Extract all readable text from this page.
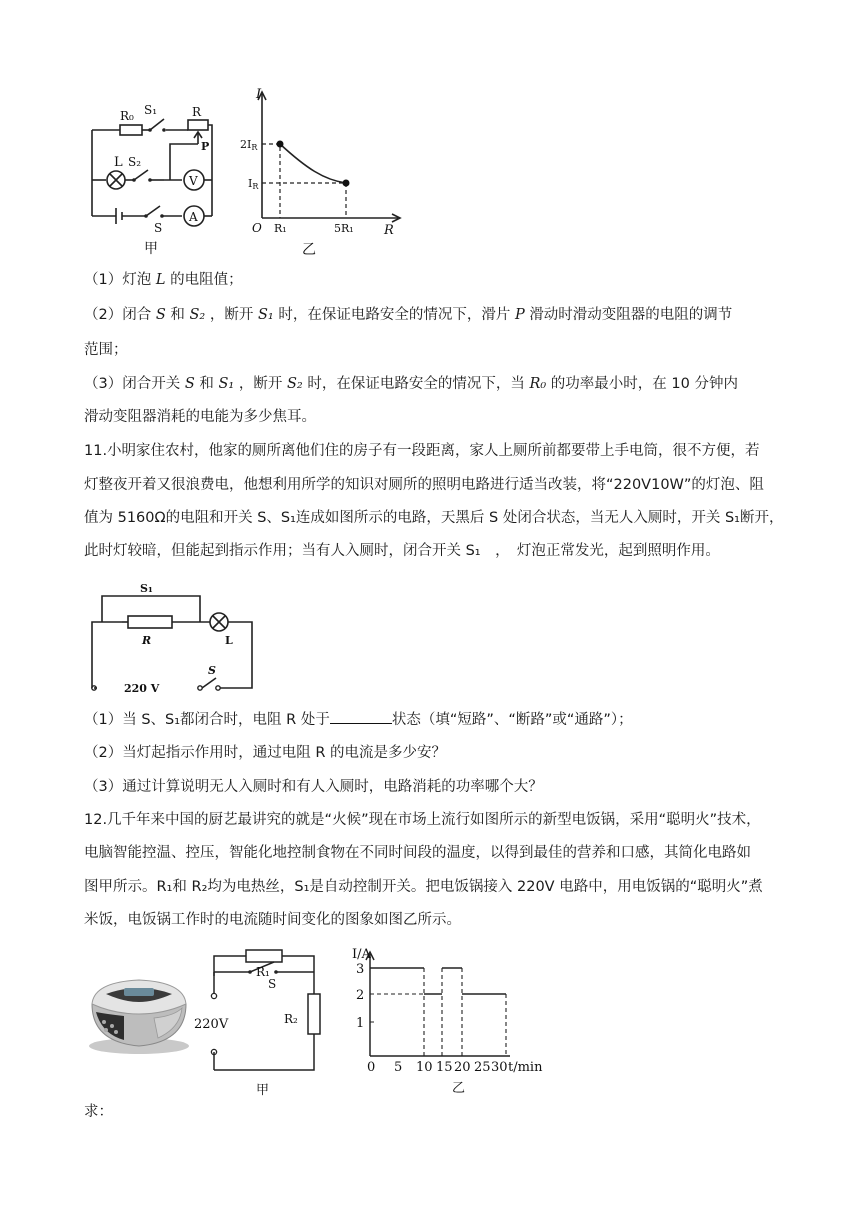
R₀ S₁	R
P
L S₂
V
S
A
甲
I
R
O
2IR
IR
R₁	5R₁
乙
（1）灯泡 L 的电阻值；
（2）闭合 S 和 S₂ ，断开 S₁ 时，在保证电路安全的情况下，滑片 P 滑动时滑动变阻器的电阻的调节
范围；
（3）闭合开关 S 和 S₁ ，断开 S₂ 时，在保证电路安全的情况下，当 R₀ 的功率最小时，在 10 分钟内
滑动变阻器消耗的电能为多少焦耳。
11.小明家住农村，他家的厕所离他们住的房子有一段距离，家人上厕所前都要带上手电筒，很不方便，若
灯整夜开着又很浪费电，他想利用所学的知识对厕所的照明电路进行适当改装，将“220V10W”的灯泡、阻
值为 5160Ω的电阻和开关 S、S₁连成如图所示的电路，天黑后 S 处闭合状态，当无人入厕时，开关 S₁断开，
此时灯较暗，但能起到指示作用；当有人入厕时，闭合开关 S₁　，　灯泡正常发光，起到照明作用。
S₁
R	L
220 V
S
（1）当 S、S₁都闭合时，电阻 R 处于	状态（填“短路”、“断路”或“通路”）；
（2）当灯起指示作用时，通过电阻 R 的电流是多少安？
（3）通过计算说明无人入厕时和有人入厕时，电路消耗的功率哪个大？
12.几千年来中国的厨艺最讲究的就是“火候”现在市场上流行如图所示的新型电饭锅，采用“聪明火”技术，
电脑智能控温、控压，智能化地控制食物在不同时间段的温度，以得到最佳的营养和口感，其简化电路如
图甲所示。R₁和 R₂均为电热丝，S₁是自动控制开关。把电饭锅接入 220V 电路中，用电饭锅的“聪明火”煮
米饭，电饭锅工作时的电流随时间变化的图象如图乙所示。
R₁
S
220V	R₂
甲
I/A
3
2
1
0 5 10 15 20 25 30 t/min
乙
求：
